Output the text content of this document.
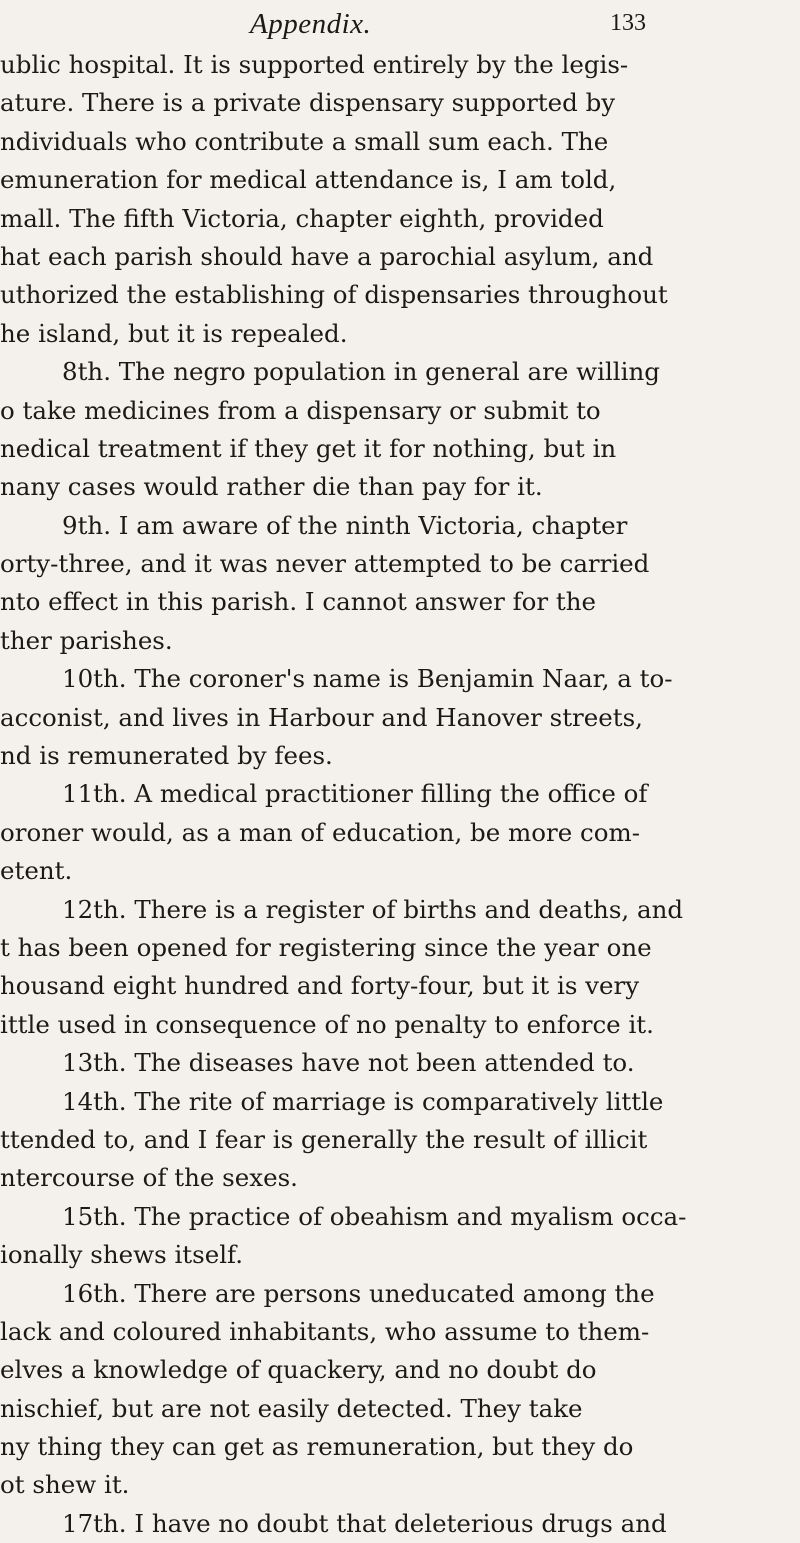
Appendix.	133
ublic hospital. It is supported entirely by the legis-
ature. There is a private dispensary supported by
ndividuals who contribute a small sum each. The
emuneration for medical attendance is, I am told,
mall. The fifth Victoria, chapter eighth, provided
hat each parish should have a parochial asylum, and
uthorized the establishing of dispensaries throughout
he island, but it is repealed.
8th. The negro population in general are willing
o take medicines from a dispensary or submit to
nedical treatment if they get it for nothing, but in
nany cases would rather die than pay for it.
9th. I am aware of the ninth Victoria, chapter
orty-three, and it was never attempted to be carried
nto effect in this parish. I cannot answer for the
ther parishes.
10th. The coroner's name is Benjamin Naar, a to-
acconist, and lives in Harbour and Hanover streets,
nd is remunerated by fees.
11th. A medical practitioner filling the office of
oroner would, as a man of education, be more com-
etent.
12th. There is a register of births and deaths, and
t has been opened for registering since the year one
housand eight hundred and forty-four, but it is very
ittle used in consequence of no penalty to enforce it.
13th. The diseases have not been attended to.
14th. The rite of marriage is comparatively little
ttended to, and I fear is generally the result of illicit
ntercourse of the sexes.
15th. The practice of obeahism and myalism occa-
ionally shews itself.
16th. There are persons uneducated among the
lack and coloured inhabitants, who assume to them-
elves a knowledge of quackery, and no doubt do
nischief, but are not easily detected. They take
ny thing they can get as remuneration, but they do
ot shew it.
17th. I have no doubt that deleterious drugs and
